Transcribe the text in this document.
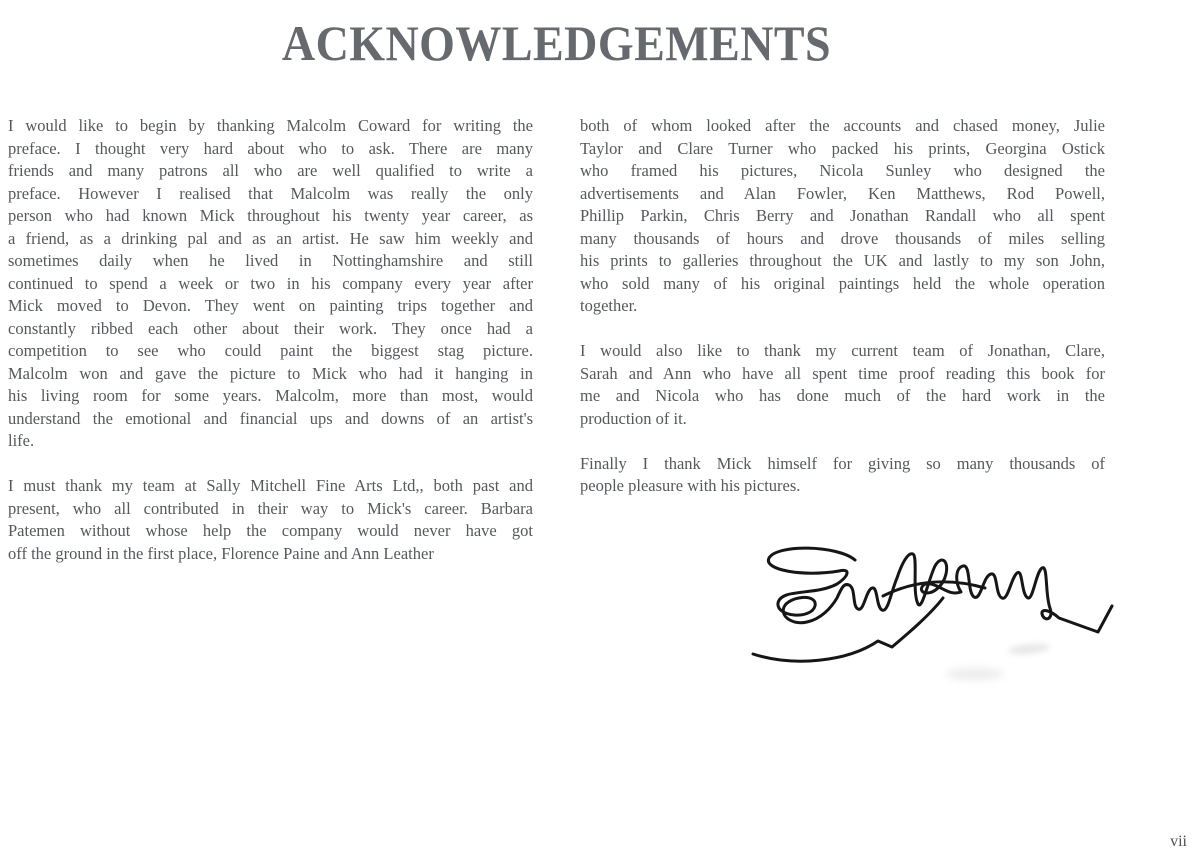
ACKNOWLEDGEMENTS
I would like to begin by thanking Malcolm Coward for writing the
preface. I thought very hard about who to ask. There are many
friends and many patrons all who are well qualified to write a
preface. However I realised that Malcolm was really the only
person who had known Mick throughout his twenty year career, as
a friend, as a drinking pal and as an artist. He saw him weekly and
sometimes daily when he lived in Nottinghamshire and still
continued to spend a week or two in his company every year after
Mick moved to Devon. They went on painting trips together and
constantly ribbed each other about their work. They once had a
competition to see who could paint the biggest stag picture.
Malcolm won and gave the picture to Mick who had it hanging in
his living room for some years. Malcolm, more than most, would
understand the emotional and financial ups and downs of an artist's
life.
I must thank my team at Sally Mitchell Fine Arts Ltd,, both past and
present, who all contributed in their way to Mick's career. Barbara
Patemen without whose help the company would never have got
off the ground in the first place, Florence Paine and Ann Leather
both of whom looked after the accounts and chased money, Julie
Taylor and Clare Turner who packed his prints, Georgina Ostick
who framed his pictures, Nicola Sunley who designed the
advertisements and Alan Fowler, Ken Matthews, Rod Powell,
Phillip Parkin, Chris Berry and Jonathan Randall who all spent
many thousands of hours and drove thousands of miles selling
his prints to galleries throughout the UK and lastly to my son John,
who sold many of his original paintings held the whole operation
together.
I would also like to thank my current team of Jonathan, Clare,
Sarah and Ann who have all spent time proof reading this book for
me and Nicola who has done much of the hard work in the
production of it.
Finally I thank Mick himself for giving so many thousands of
people pleasure with his pictures.
vii
